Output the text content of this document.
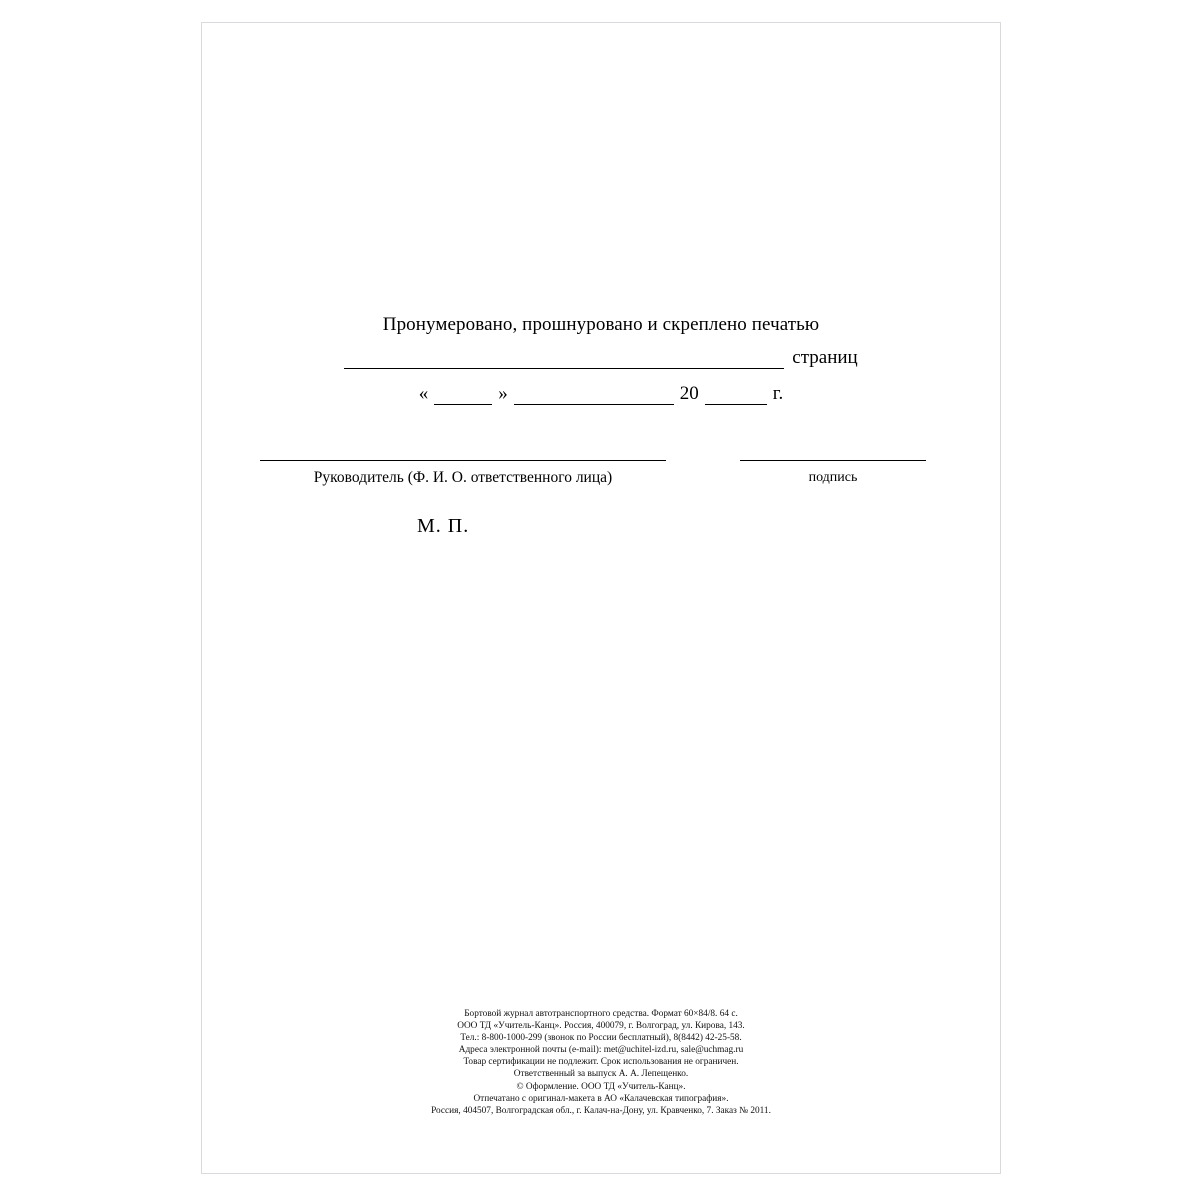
Пронумеровано, прошнуровано и скреплено печатью
страниц
«	»	20	г.
Руководитель (Ф. И. О. ответственного лица)	подпись
М. П.
Бортовой журнал автотранспортного средства. Формат 60×84/8. 64 с.
ООО ТД «Учитель-Канц». Россия, 400079, г. Волгоград, ул. Кирова, 143.
Тел.: 8-800-1000-299 (звонок по России бесплатный), 8(8442) 42-25-58.
Адреса электронной почты (e-mail): met@uchitel-izd.ru, sale@uchmag.ru
Товар сертификации не подлежит. Срок использования не ограничен.
Ответственный за выпуск А. А. Лепещенко.
© Оформление. ООО ТД «Учитель-Канц».
Отпечатано с оригинал-макета в АО «Калачевская типография».
Россия, 404507, Волгоградская обл., г. Калач-на-Дону, ул. Кравченко, 7. Заказ № 2011.
